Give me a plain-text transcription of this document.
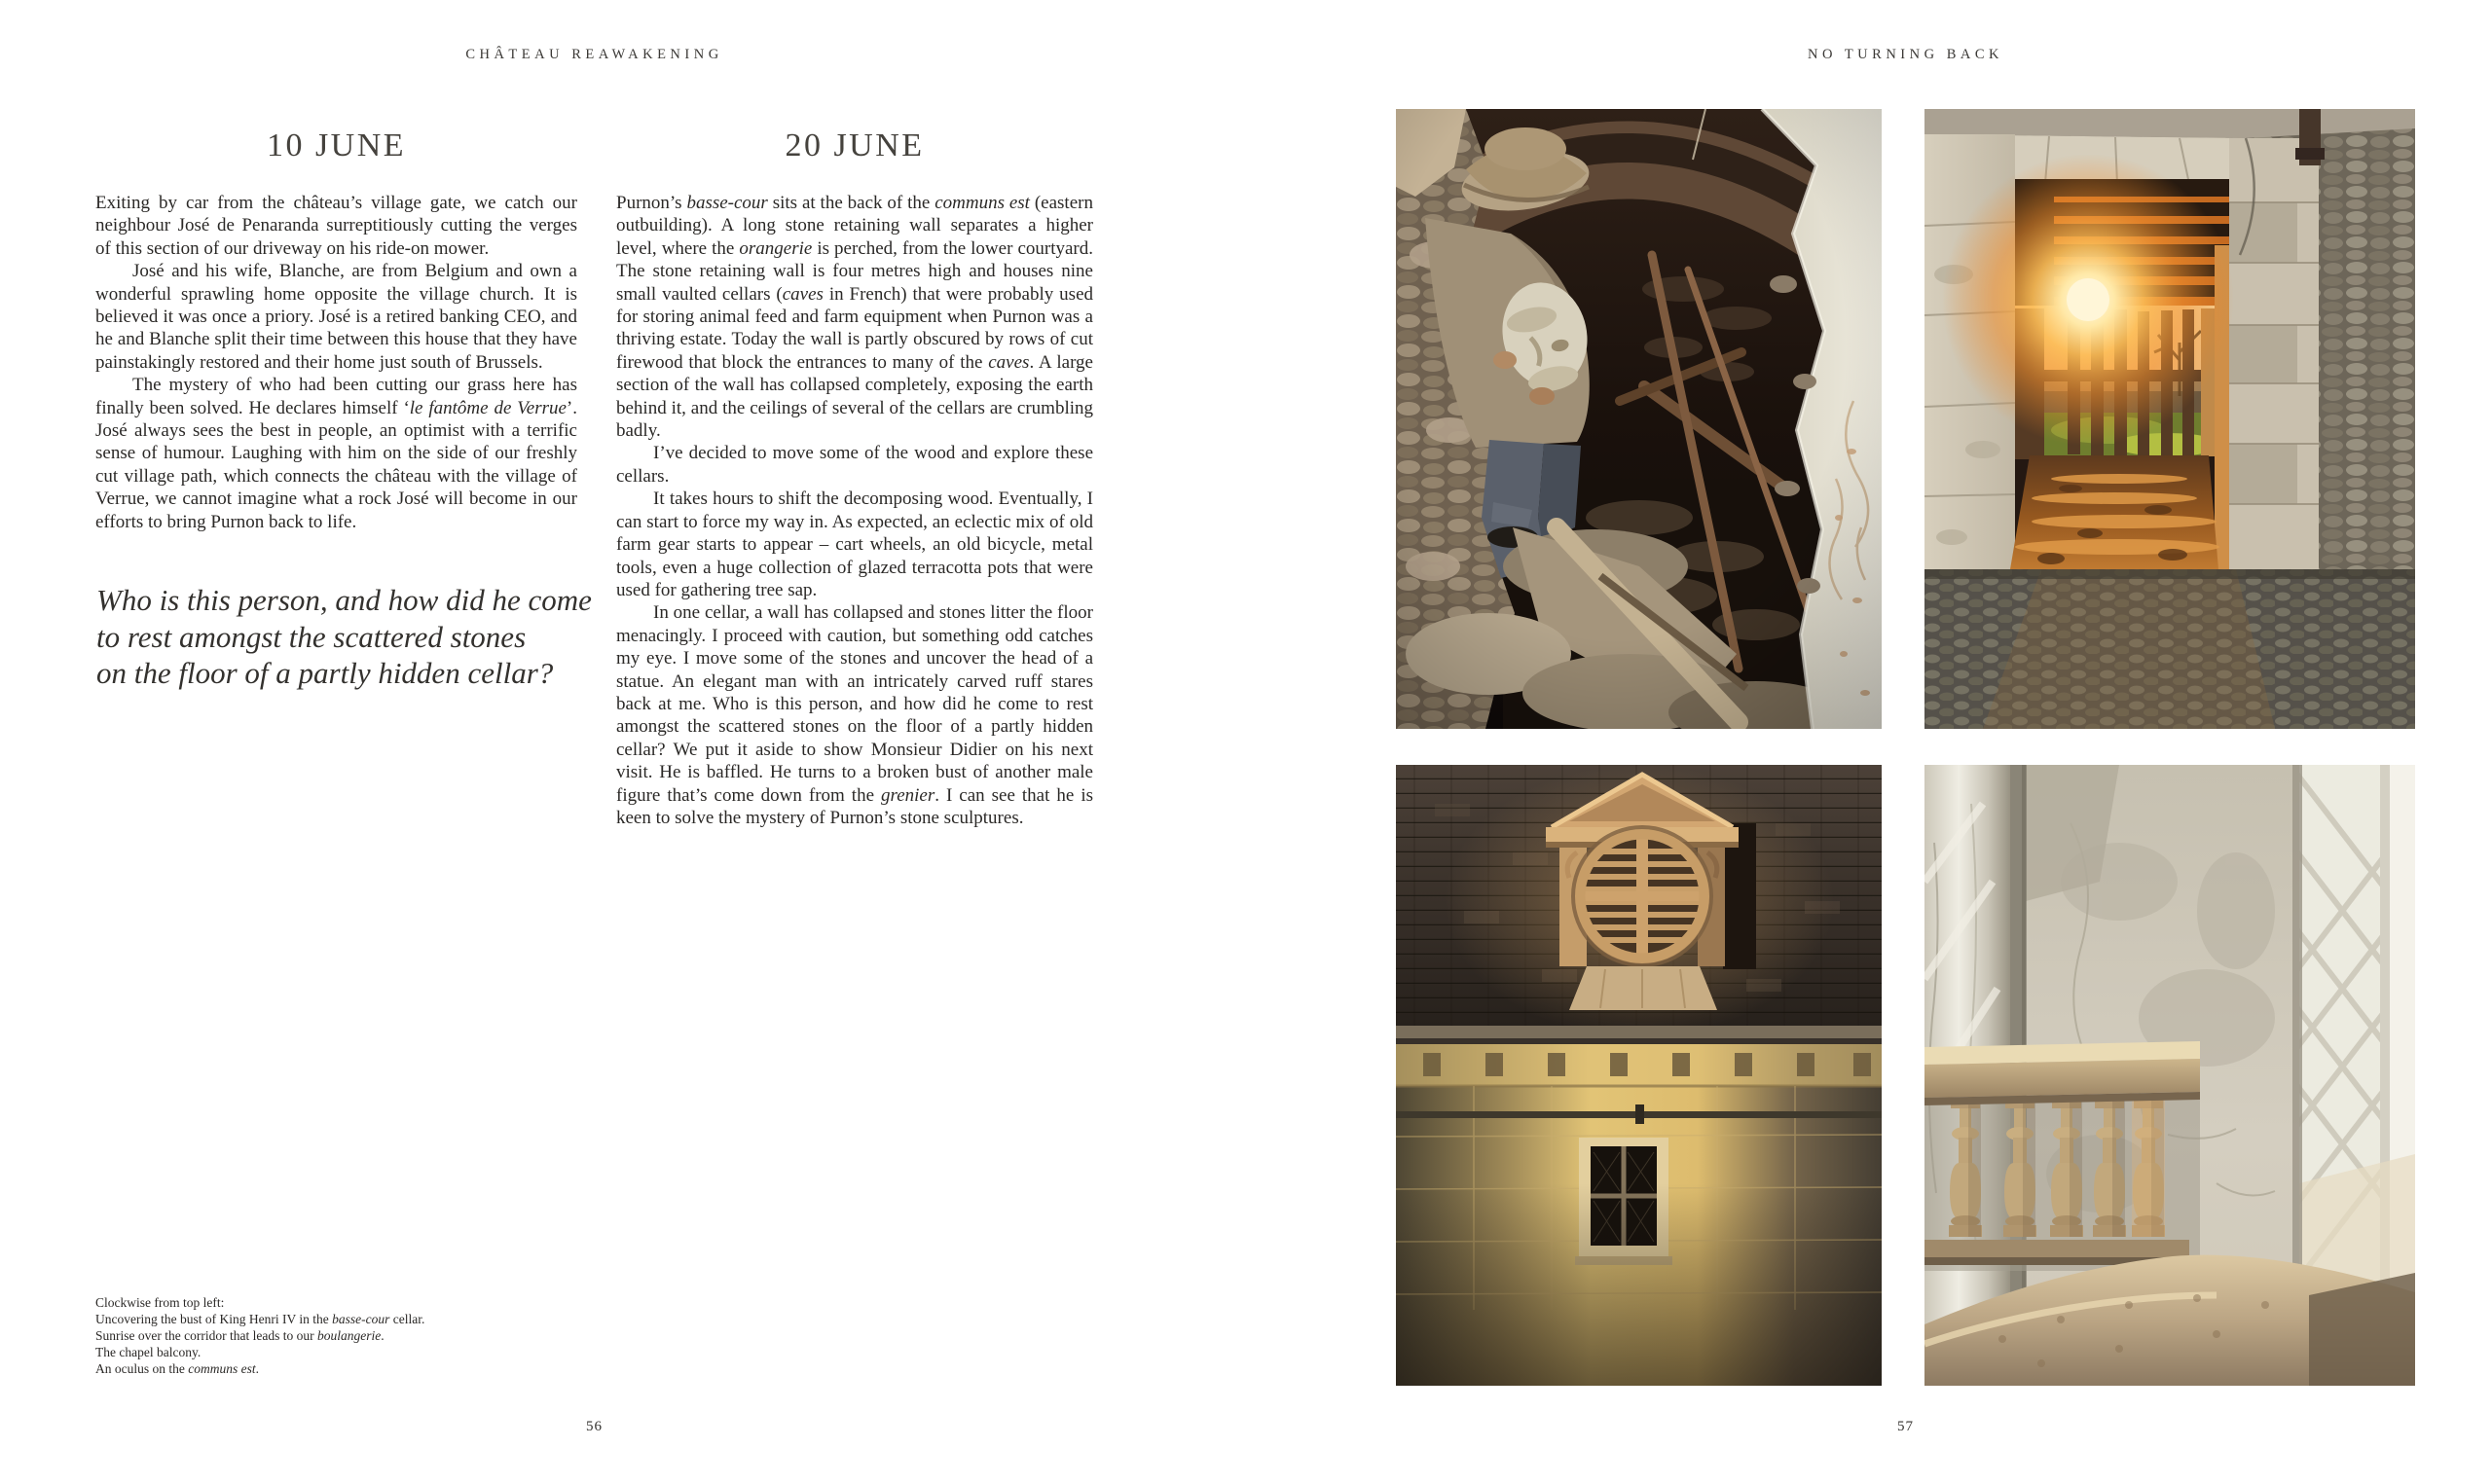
CHÂTEAU REAWAKENING	NO TURNING BACK
10 JUNE

Exiting by car from the château’s village gate, we catch our neighbour José de Penaranda surreptitiously cutting the verges of this section of our driveway on his ride-on mower.

José and his wife, Blanche, are from Belgium and own a wonderful sprawling home opposite the village church. It is believed it was once a priory. José is a retired banking CEO, and he and Blanche split their time between this house that they have painstakingly restored and their home just south of Brussels.

The mystery of who had been cutting our grass here has finally been solved. He declares himself ‘le fantôme de Verrue’. José always sees the best in people, an optimist with a terrific sense of humour. Laughing with him on the side of our freshly cut village path, which connects the château with the village of Verrue, we cannot imagine what a rock José will become in our efforts to bring Purnon back to life.

20 JUNE

Purnon’s basse-cour sits at the back of the communs est (eastern outbuilding). A long stone retaining wall separates a higher level, where the orangerie is perched, from the lower courtyard. The stone retaining wall is four metres high and houses nine small vaulted cellars (caves in French) that were probably used for storing animal feed and farm equipment when Purnon was a thriving estate. Today the wall is partly obscured by rows of cut firewood that block the entrances to many of the caves. A large section of the wall has collapsed completely, exposing the earth behind it, and the ceilings of several of the cellars are crumbling badly.

I’ve decided to move some of the wood and explore these cellars.

It takes hours to shift the decomposing wood. Eventually, I can start to force my way in. As expected, an eclectic mix of old farm gear starts to appear – cart wheels, an old bicycle, metal tools, even a huge collection of glazed terracotta pots that were used for gathering tree sap.

In one cellar, a wall has collapsed and stones litter the floor menacingly. I proceed with caution, but something odd catches my eye. I move some of the stones and uncover the head of a statue. An elegant man with an intricately carved ruff stares back at me. Who is this person, and how did he come to rest amongst the scattered stones on the floor of a partly hidden cellar? We put it aside to show Monsieur Didier on his next visit. He is baffled. He turns to a broken bust of another male figure that’s come down from the grenier. I can see that he is keen to solve the mystery of Purnon’s stone sculptures.

Who is this person, and how did he come
to rest amongst the scattered stones
on the floor of a partly hidden cellar?
Clockwise from top left:
Uncovering the bust of King Henri IV in the basse-cour cellar.
Sunrise over the corridor that leads to our boulangerie.
The chapel balcony.
An oculus on the communs est.
56	57
